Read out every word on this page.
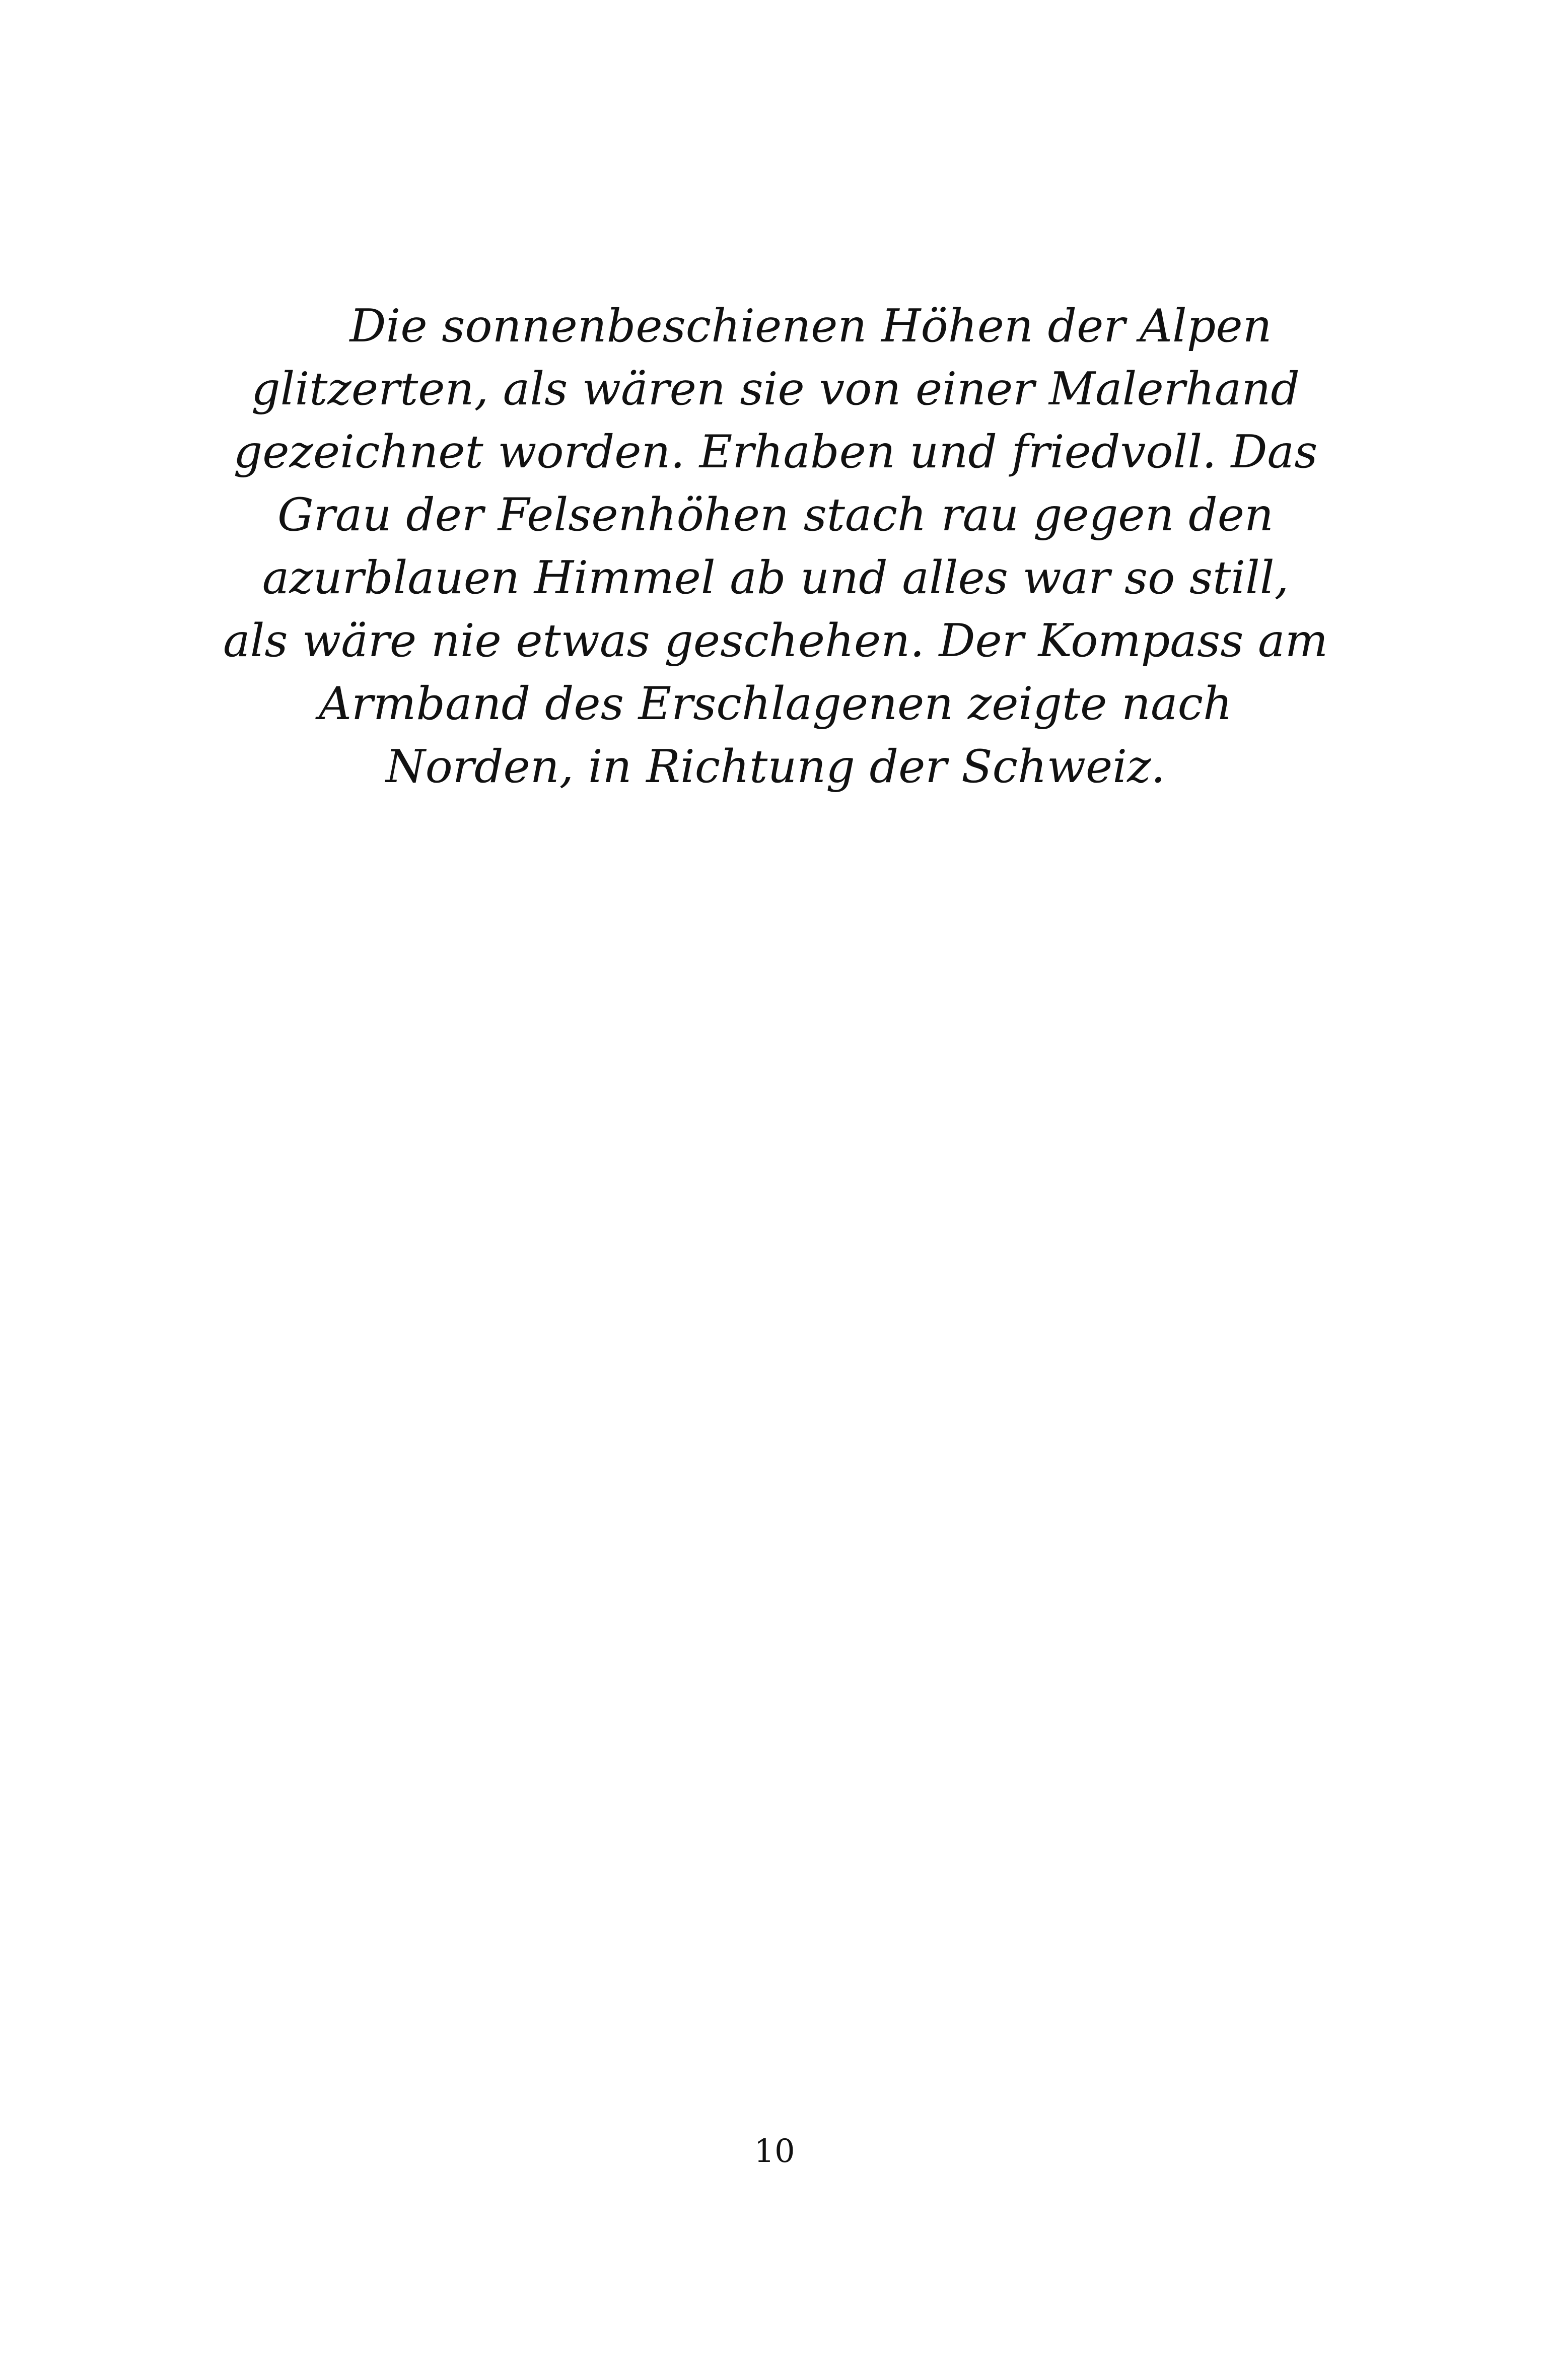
Die sonnenbeschienen Höhen der Alpen
glitzerten, als wären sie von einer Malerhand
gezeichnet worden. Erhaben und friedvoll. Das
Grau der Felsenhöhen stach rau gegen den
azurblauen Himmel ab und alles war so still,
als wäre nie etwas geschehen. Der Kompass am
Armband des Erschlagenen zeigte nach
Norden, in Richtung der Schweiz.

10
